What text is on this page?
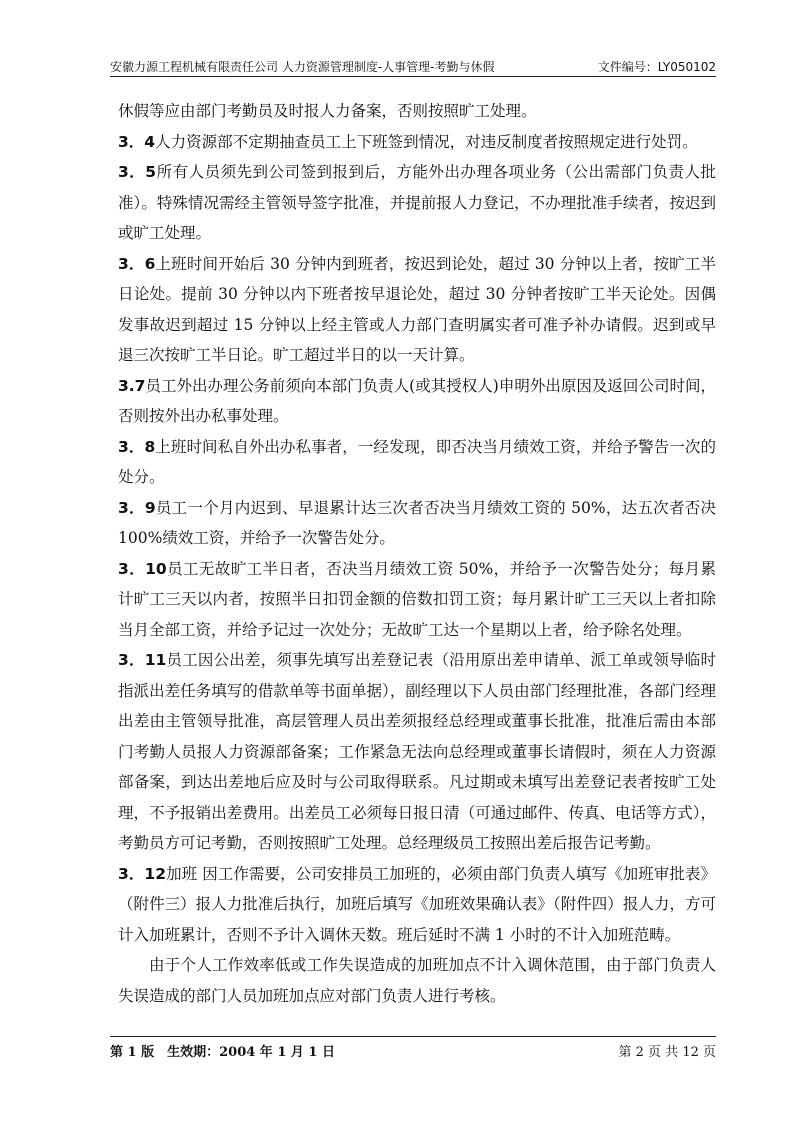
安徽力源工程机械有限责任公司 人力资源管理制度-人事管理-考勤与休假	文件编号：LY050102

休假等应由部门考勤员及时报人力备案，否则按照旷工处理。

3．4人力资源部不定期抽查员工上下班签到情况，对违反制度者按照规定进行处罚。

3．5所有人员须先到公司签到报到后，方能外出办理各项业务（公出需部门负责人批准）。特殊情况需经主管领导签字批准，并提前报人力登记，不办理批准手续者，按迟到或旷工处理。

3．6上班时间开始后 30 分钟内到班者，按迟到论处，超过 30 分钟以上者，按旷工半日论处。提前 30 分钟以内下班者按早退论处，超过 30 分钟者按旷工半天论处。因偶发事故迟到超过 15 分钟以上经主管或人力部门查明属实者可准予补办请假。迟到或早退三次按旷工半日论。旷工超过半日的以一天计算。

3.7员工外出办理公务前须向本部门负责人(或其授权人)申明外出原因及返回公司时间，否则按外出办私事处理。

3．8上班时间私自外出办私事者，一经发现，即否决当月绩效工资，并给予警告一次的处分。

3．9员工一个月内迟到、早退累计达三次者否决当月绩效工资的 50%，达五次者否决 100%绩效工资，并给予一次警告处分。

3．10员工无故旷工半日者，否决当月绩效工资 50%，并给予一次警告处分；每月累计旷工三天以内者，按照半日扣罚金额的倍数扣罚工资；每月累计旷工三天以上者扣除当月全部工资，并给予记过一次处分；无故旷工达一个星期以上者，给予除名处理。

3．11员工因公出差，须事先填写出差登记表（沿用原出差申请单、派工单或领导临时指派出差任务填写的借款单等书面单据），副经理以下人员由部门经理批准，各部门经理出差由主管领导批准，高层管理人员出差须报经总经理或董事长批准，批准后需由本部门考勤人员报人力资源部备案；工作紧急无法向总经理或董事长请假时，须在人力资源部备案，到达出差地后应及时与公司取得联系。凡过期或未填写出差登记表者按旷工处理，不予报销出差费用。出差员工必须每日报日清（可通过邮件、传真、电话等方式），考勤员方可记考勤，否则按照旷工处理。总经理级员工按照出差后报告记考勤。

3．12加班 因工作需要，公司安排员工加班的，必须由部门负责人填写《加班审批表》（附件三）报人力批准后执行，加班后填写《加班效果确认表》（附件四）报人力，方可计入加班累计，否则不予计入调休天数。班后延时不满 1 小时的不计入加班范畴。

由于个人工作效率低或工作失误造成的加班加点不计入调休范围，由于部门负责人失误造成的部门人员加班加点应对部门负责人进行考核。

第 1 版　生效期：2004 年 1 月 1 日	第 2 页 共 12 页
